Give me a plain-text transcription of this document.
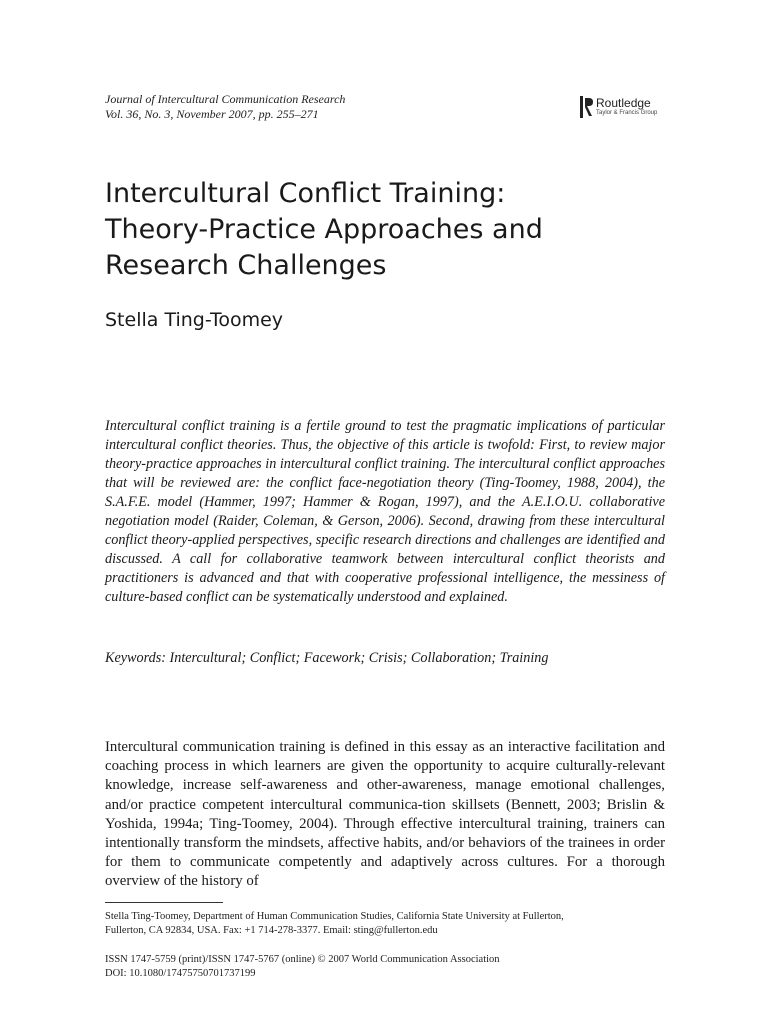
Journal of Intercultural Communication Research
Vol. 36, No. 3, November 2007, pp. 255–271
Routledge
Taylor & Francis Group
Intercultural Conflict Training:
Theory-Practice Approaches and
Research Challenges
Stella Ting-Toomey
Intercultural conflict training is a fertile ground to test the pragmatic implications of particular intercultural conflict theories. Thus, the objective of this article is twofold: First, to review major theory-practice approaches in intercultural conflict training. The intercultural conflict approaches that will be reviewed are: the conflict face-negotiation theory (Ting-Toomey, 1988, 2004), the S.A.F.E. model (Hammer, 1997; Hammer & Rogan, 1997), and the A.E.I.O.U. collaborative negotiation model (Raider, Coleman, & Gerson, 2006). Second, drawing from these intercultural conflict theory-applied perspectives, specific research directions and challenges are identified and discussed. A call for collaborative teamwork between intercultural conflict theorists and practitioners is advanced and that with cooperative professional intelligence, the messiness of culture-based conflict can be systematically understood and explained.
Keywords: Intercultural; Conflict; Facework; Crisis; Collaboration; Training
Intercultural communication training is defined in this essay as an interactive facilitation and coaching process in which learners are given the opportunity to acquire culturally-relevant knowledge, increase self-awareness and other-awareness, manage emotional challenges, and/or practice competent intercultural communica-tion skillsets (Bennett, 2003; Brislin & Yoshida, 1994a; Ting-Toomey, 2004). Through effective intercultural training, trainers can intentionally transform the mindsets, affective habits, and/or behaviors of the trainees in order for them to communicate competently and adaptively across cultures. For a thorough overview of the history of
Stella Ting-Toomey, Department of Human Communication Studies, California State University at Fullerton,
Fullerton, CA 92834, USA. Fax: +1 714-278-3377. Email: sting@fullerton.edu
ISSN 1747-5759 (print)/ISSN 1747-5767 (online) © 2007 World Communication Association
DOI: 10.1080/17475750701737199
